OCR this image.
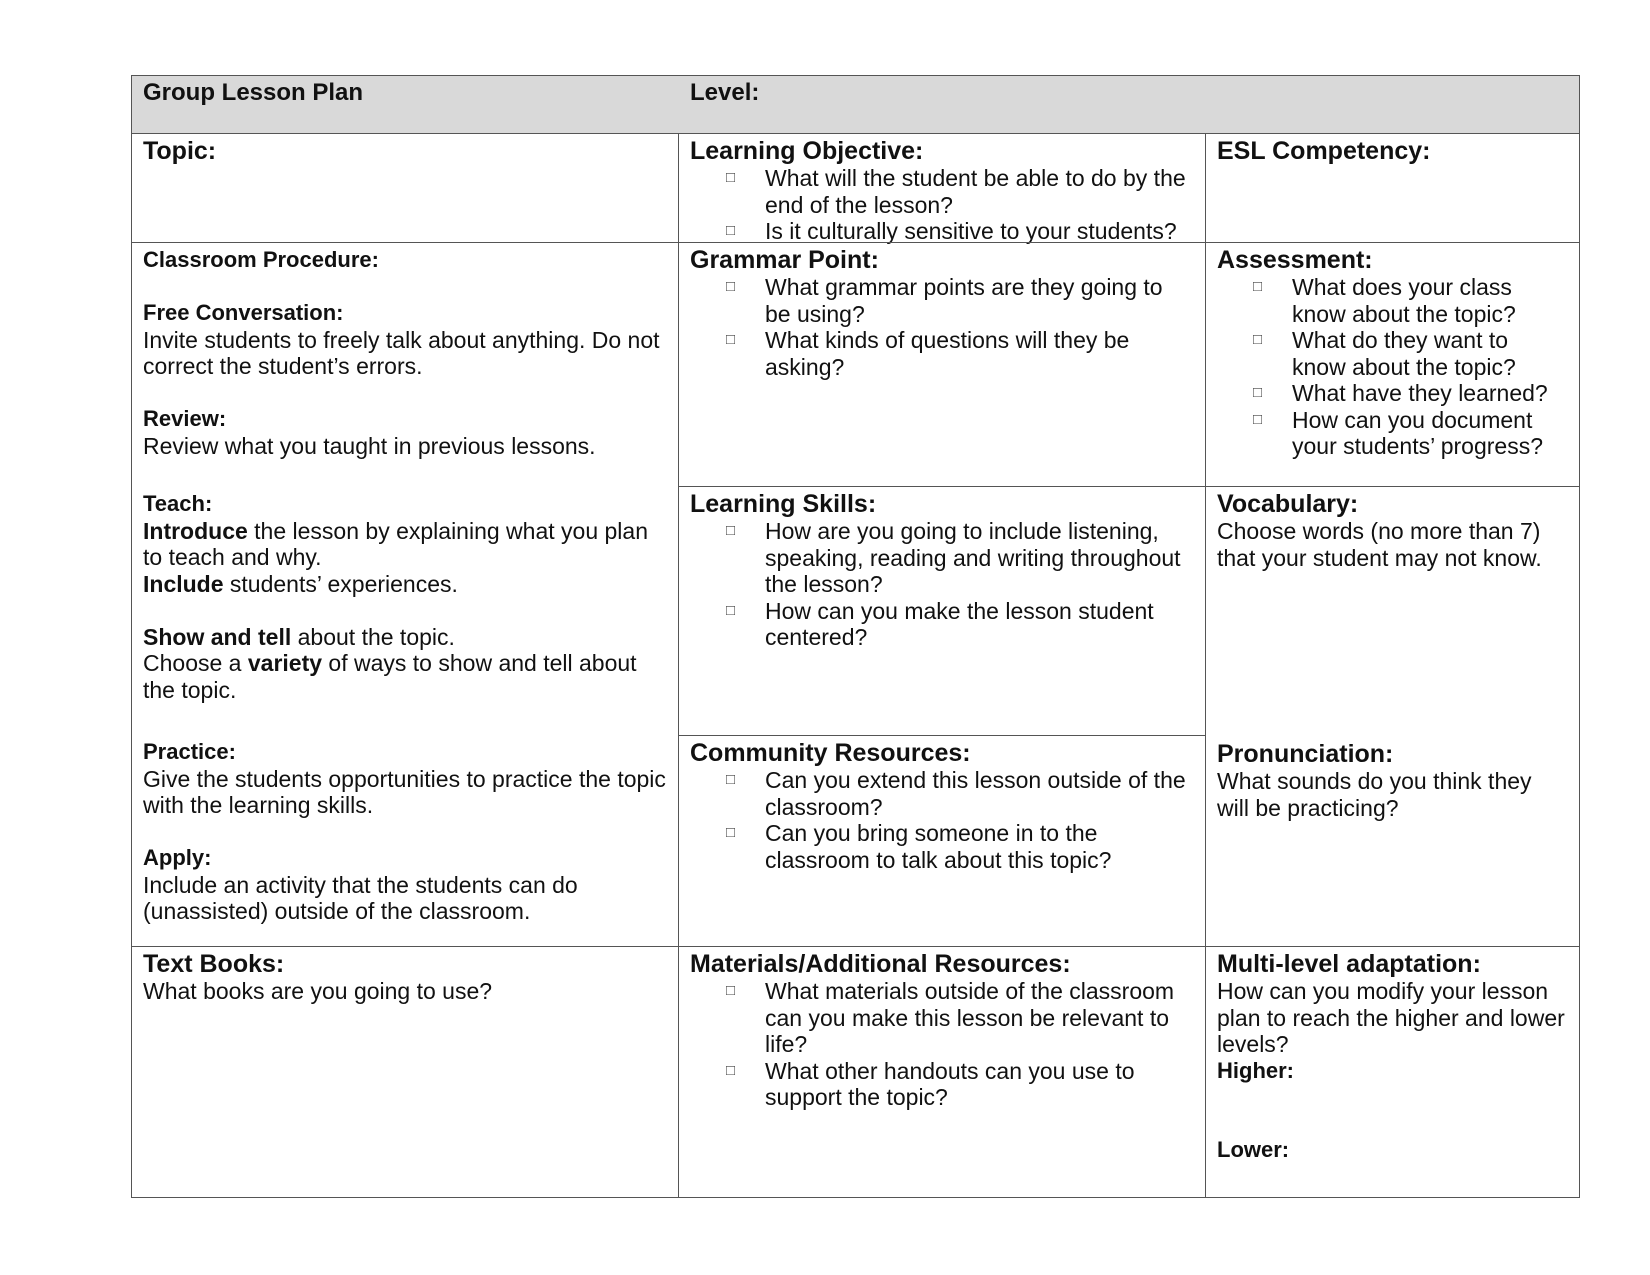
Group Lesson Plan	Level:
Topic:	Learning Objective:
□ What will the student be able to do by the end of the lesson?
□ Is it culturally sensitive to your students?
ESL Competency:
Classroom Procedure:
Free Conversation:

Invite students to freely talk about anything. Do not correct the student’s errors.

Review:

Review what you taught in previous lessons.

Teach:

Introduce the lesson by explaining what you plan to teach and why.

Include students’ experiences.

Show and tell about the topic.

Choose a variety of ways to show and tell about the topic.

Practice:

Give the students opportunities to practice the topic with the learning skills.

Apply:

Include an activity that the students can do (unassisted) outside of the classroom.

Grammar Point:
□ What grammar points are they going to be using?
□ What kinds of questions will they be asking?
Assessment:
□ What does your class know about the topic?
□ What do they want to know about the topic?
□ What have they learned?
□ How can you document your students’ progress?
Learning Skills:
□ How are you going to include listening, speaking, reading and writing throughout the lesson?
□ How can you make the lesson student centered?
Vocabulary:

Choose words (no more than 7) that your student may not know.

Pronunciation:

What sounds do you think they will be practicing?

Community Resources:
□ Can you extend this lesson outside of the classroom?
□ Can you bring someone in to the classroom to talk about this topic?
Text Books:

What books are you going to use?

Materials/Additional Resources:
□ What materials outside of the classroom can you make this lesson be relevant to life?
□ What other handouts can you use to support the topic?
Multi-level adaptation:

How can you modify your lesson plan to reach the higher and lower levels?

Higher:
Lower:
